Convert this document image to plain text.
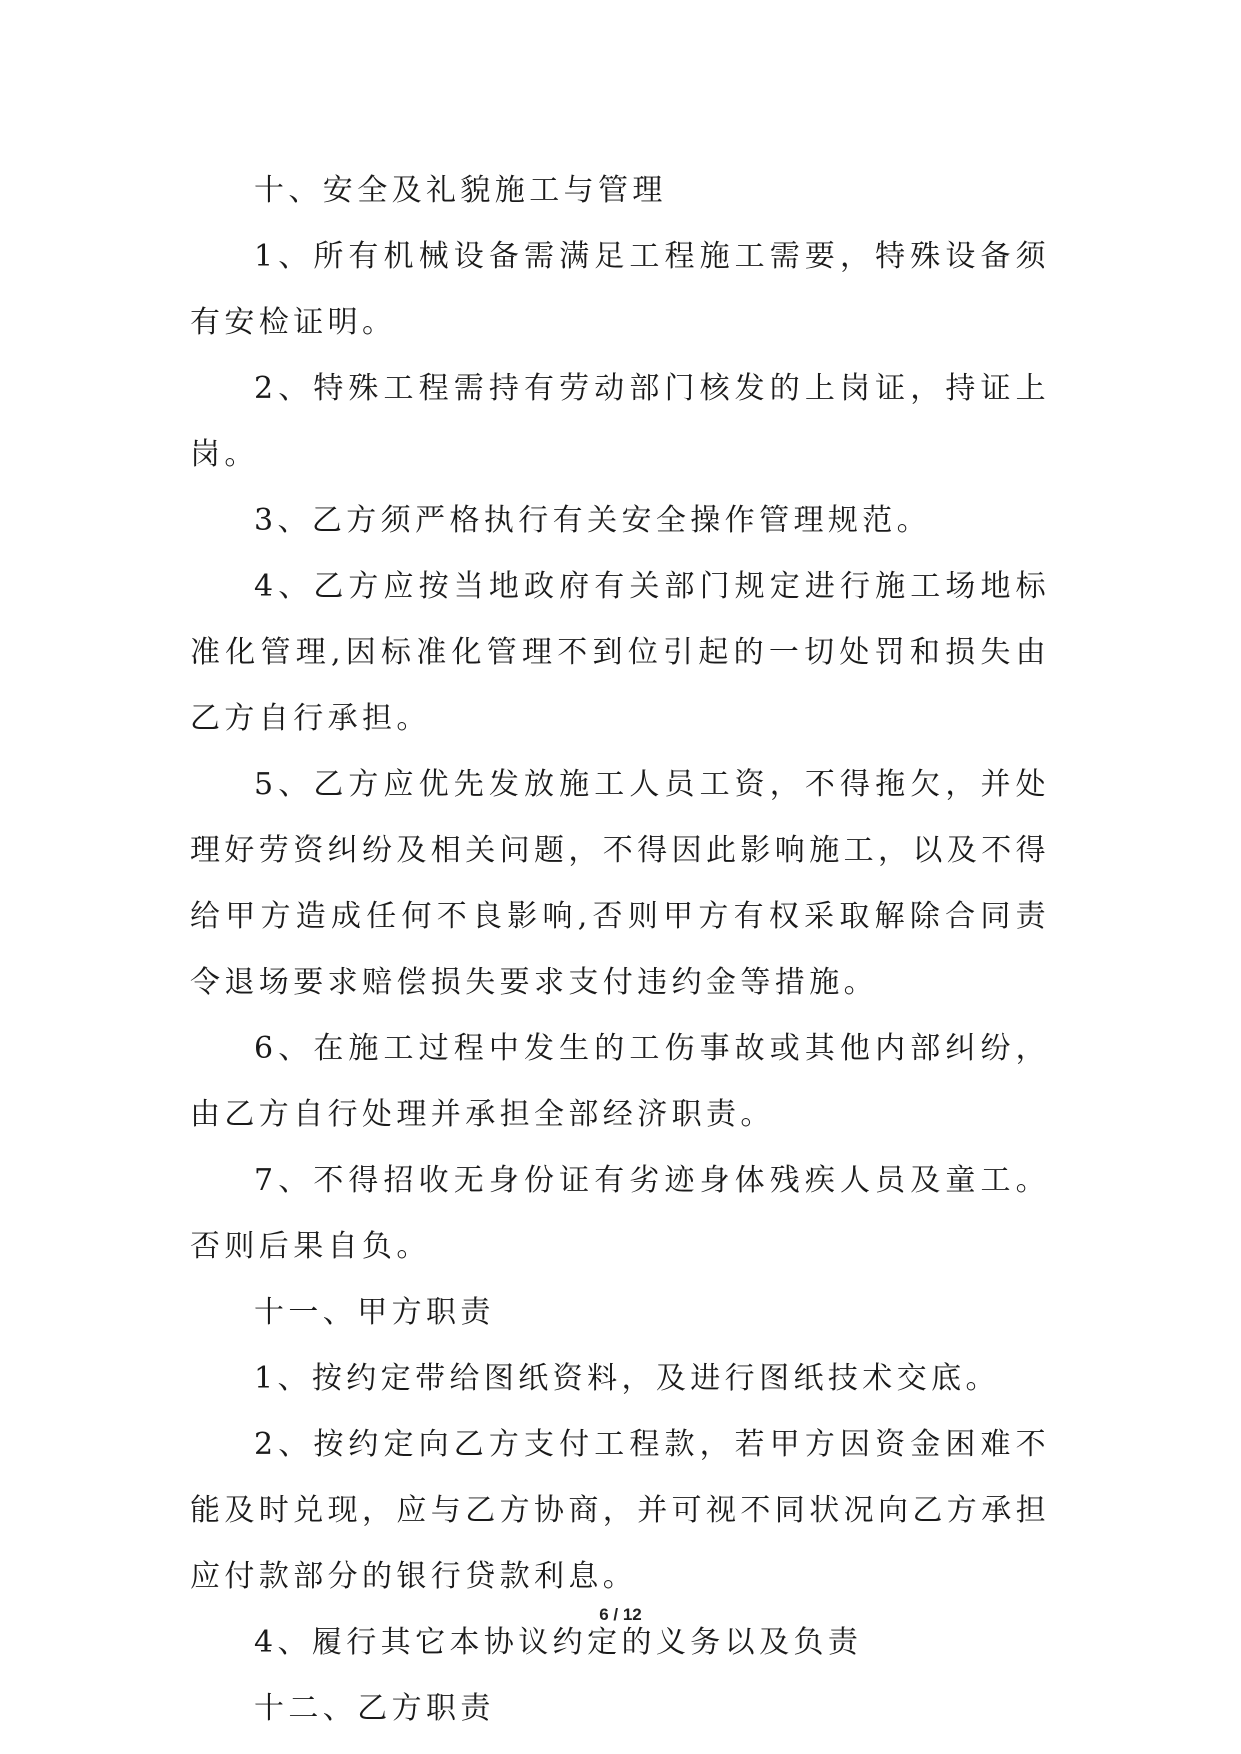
十、安全及礼貌施工与管理

1、所有机械设备需满足工程施工需要，特殊设备须有安检证明。

2、特殊工程需持有劳动部门核发的上岗证，持证上岗。

3、乙方须严格执行有关安全操作管理规范。

4、乙方应按当地政府有关部门规定进行施工场地标准化管理,因标准化管理不到位引起的一切处罚和损失由乙方自行承担。

5、乙方应优先发放施工人员工资，不得拖欠，并处理好劳资纠纷及相关问题，不得因此影响施工，以及不得给甲方造成任何不良影响,否则甲方有权采取解除合同责令退场要求赔偿损失要求支付违约金等措施。

6、在施工过程中发生的工伤事故或其他内部纠纷，由乙方自行处理并承担全部经济职责。

7、不得招收无身份证有劣迹身体残疾人员及童工。否则后果自负。

十一、甲方职责

1、按约定带给图纸资料，及进行图纸技术交底。

2、按约定向乙方支付工程款，若甲方因资金困难不能及时兑现，应与乙方协商，并可视不同状况向乙方承担应付款部分的银行贷款利息。

4、履行其它本协议约定的义务以及负责

十二、乙方职责

6 / 12
